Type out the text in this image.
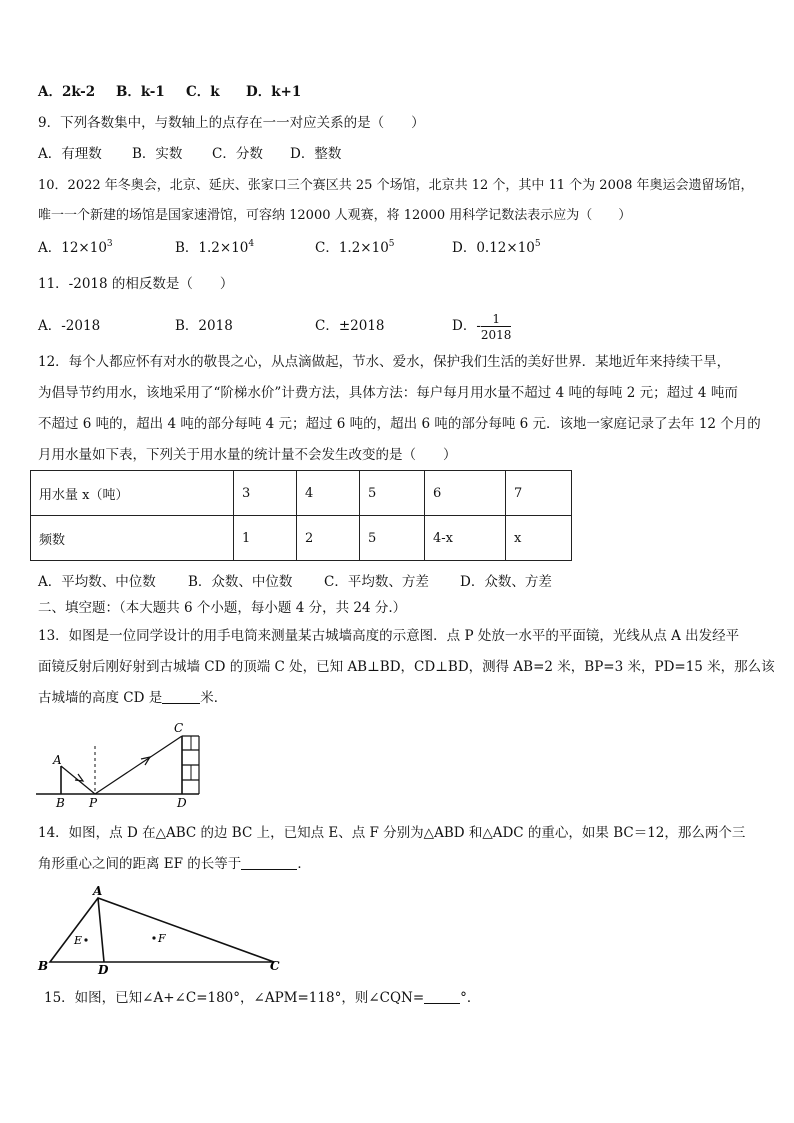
A．2k-2 B．k-1 C．k D．k+1
9．下列各数集中，与数轴上的点存在一一对应关系的是（　　）
A．有理数 B．实数 C．分数 D．整数
10．2022 年冬奥会，北京、延庆、张家口三个赛区共 25 个场馆，北京共 12 个，其中 11 个为 2008 年奥运会遗留场馆，
唯一一个新建的场馆是国家速滑馆，可容纳 12000 人观赛，将 12000 用科学记数法表示应为（　　）
A．$12\times 10^3$	B．$1.2\times 10^4$	C．$1.2\times 10^5$	D．$0.12\times 10^5$
11．-2018 的相反数是（　　）
A．-2018	B．2018	C．±2018	D．- $\frac{1}{2018}$
12．每个人都应怀有对水的敬畏之心，从点滴做起，节水、爱水，保护我们生活的美好世界．某地近年来持续干旱，
为倡导节约用水，该地采用了“阶梯水价”计费方法，具体方法：每户每月用水量不超过 4 吨的每吨 2 元；超过 4 吨而
不超过 6 吨的，超出 4 吨的部分每吨 4 元；超过 6 吨的，超出 6 吨的部分每吨 6 元．该地一家庭记录了去年 12 个月的
月用水量如下表，下列关于用水量的统计量不会发生改变的是（　　）
用水量 x（吨）	3	4	5	6	7
频数	1	2	5	4-x	x
A．平均数、中位数 B．众数、中位数 C．平均数、方差 D．众数、方差
二、填空题：（本大题共 6 个小题，每小题 4 分，共 24 分.）
13．如图是一位同学设计的用手电筒来测量某古城墙高度的示意图．点 P 处放一水平的平面镜，光线从点 A 出发经平
面镜反射后刚好射到古城墙 CD 的顶端 C 处，已知 AB⊥BD，CD⊥BD，测得 AB=2 米，BP=3 米，PD=15 米，那么该
古城墙的高度 CD 是	米．
A
B P
C
D
14．如图，点 D 在△ABC 的边 BC 上，已知点 E、点 F 分别为△ABD 和△ADC 的重心，如果 BC＝12，那么两个三
角形重心之间的距离 EF 的长等于	．
A
B	C
D
E	F
15．如图，已知∠A+∠C=180°，∠APM=118°，则∠CQN=	°．
